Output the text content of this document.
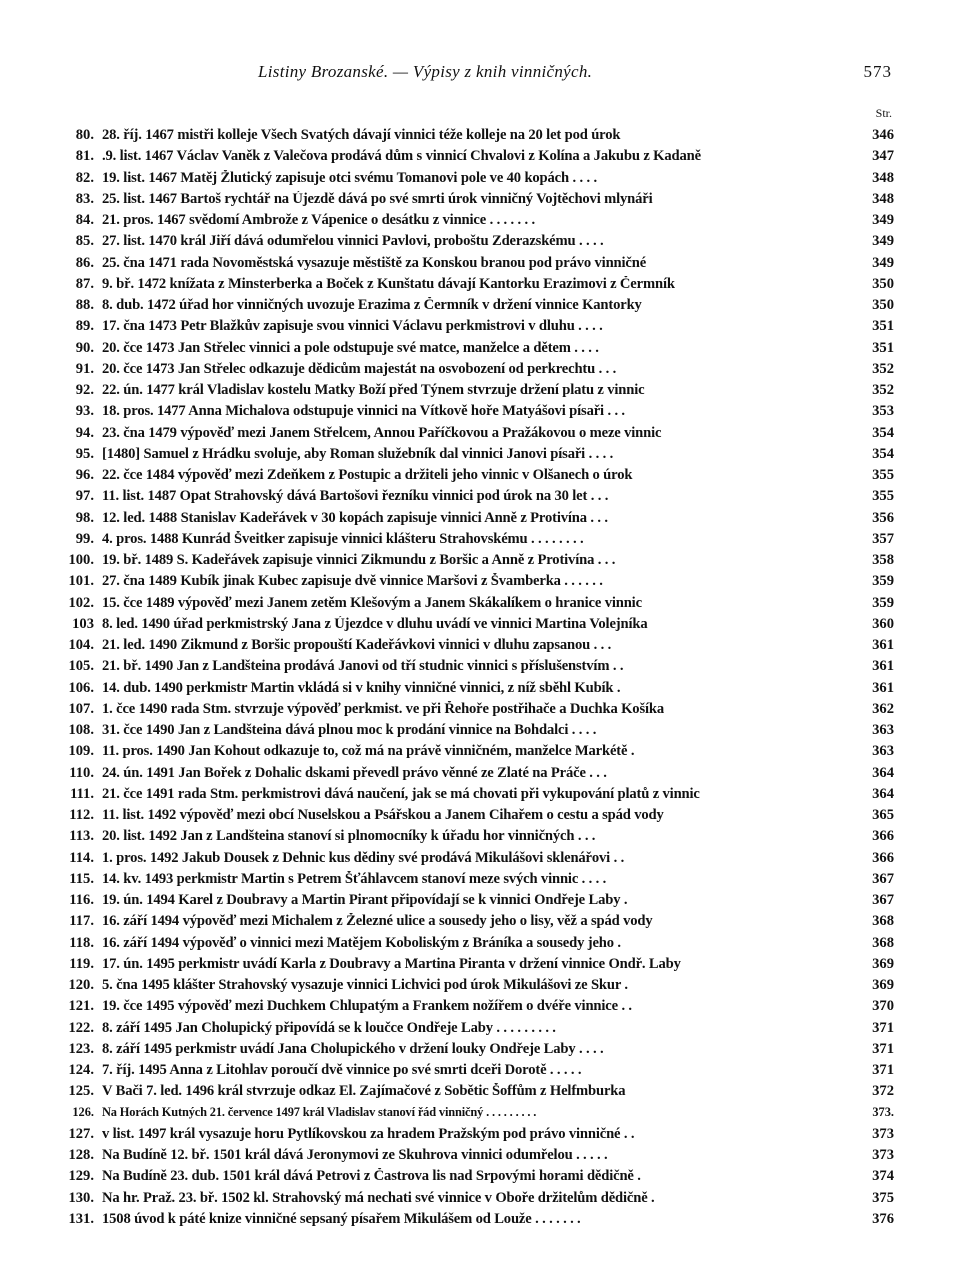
Listiny Brozanské. — Výpisy z knih vinničných.	573
Str.
80. 28. říj. 1467 mistři kolleje Všech Svatých dávají vinnici téže kolleje na 20 let pod úrok	346
81. .9. list. 1467 Václav Vaněk z Valečova prodává dům s vinnicí Chvalovi z Kolína a Jakubu z Kadaně	347
82. 19. list. 1467 Matěj Žlutický zapisuje otci svému Tomanovi pole ve 40 kopách . . . .	348
83. 25. list. 1467 Bartoš rychtář na Újezdě dává po své smrti úrok vinničný Vojtěchovi mlynáři	348
84. 21. pros. 1467 svědomí Ambrože z Vápenice o desátku z vinnice . . . . . . .	349
85. 27. list. 1470 král Jiří dává odumřelou vinnici Pavlovi, proboštu Zderazskému . . . .	349
86. 25. čna 1471 rada Novoměstská vysazuje městiště za Konskou branou pod právo vinničné	349
87. 9. bř. 1472 knížata z Minsterberka a Boček z Kunštatu dávají Kantorku Erazimovi z Čermník	350
88. 8. dub. 1472 úřad hor vinničných uvozuje Erazima z Čermník v držení vinnice Kantorky	350
89. 17. čna 1473 Petr Blažkův zapisuje svou vinnici Václavu perkmistrovi v dluhu . . . .	351
90. 20. čce 1473 Jan Střelec vinnici a pole odstupuje své matce, manželce a dětem . . . .	351
91. 20. čce 1473 Jan Střelec odkazuje dědicům majestát na osvobození od perkrechtu . . .	352
92. 22. ún. 1477 král Vladislav kostelu Matky Boží před Týnem stvrzuje držení platu z vinnic	352
93. 18. pros. 1477 Anna Michalova odstupuje vinnici na Vítkově hoře Matyášovi písaři . . .	353
94. 23. čna 1479 výpověď mezi Janem Střelcem, Annou Paříčkovou a Pražákovou o meze vinnic	354
95. [1480] Samuel z Hrádku svoluje, aby Roman služebník dal vinnici Janovi písaři . . . .	354
96. 22. čce 1484 výpověď mezi Zdeňkem z Postupic a držiteli jeho vinnic v Olšanech o úrok	355
97. 11. list. 1487 Opat Strahovský dává Bartošovi řezníku vinnici pod úrok na 30 let . . .	355
98. 12. led. 1488 Stanislav Kadeřávek v 30 kopách zapisuje vinnici Anně z Protivína . . .	356
99. 4. pros. 1488 Kunrád Šveitker zapisuje vinnici klášteru Strahovskému . . . . . . . .	357
100. 19. bř. 1489 S. Kadeřávek zapisuje vinnici Zikmundu z Boršic a Anně z Protivína . . .	358
101. 27. čna 1489 Kubík jinak Kubec zapisuje dvě vinnice Maršovi z Švamberka . . . . . .	359
102. 15. čce 1489 výpověď mezi Janem zetěm Klešovým a Janem Skákalíkem o hranice vinnic	359
103 8. led. 1490 úřad perkmistrský Jana z Újezdce v dluhu uvádí ve vinnici Martina Volejníka	360
104. 21. led. 1490 Zikmund z Boršic propouští Kadeřávkovi vinnici v dluhu zapsanou . . .	361
105. 21. bř. 1490 Jan z Landšteina prodává Janovi od tří studnic vinnici s příslušenstvím . .	361
106. 14. dub. 1490 perkmistr Martin vkládá si v knihy vinničné vinnici, z níž sběhl Kubík .	361
107. 1. čce 1490 rada Stm. stvrzuje výpověď perkmist. ve při Řehoře postřihače a Duchka Košíka	362
108. 31. čce 1490 Jan z Landšteina dává plnou moc k prodání vinnice na Bohdalci . . . .	363
109. 11. pros. 1490 Jan Kohout odkazuje to, což má na právě vinničném, manželce Markétě .	363
110. 24. ún. 1491 Jan Bořek z Dohalic dskami převedl právo věnné ze Zlaté na Práče . . .	364
111. 21. čce 1491 rada Stm. perkmistrovi dává naučení, jak se má chovati při vykupování platů z vinnic	364
112. 11. list. 1492 výpověď mezi obcí Nuselskou a Psářskou a Janem Cihařem o cestu a spád vody	365
113. 20. list. 1492 Jan z Landšteina stanoví si plnomocníky k úřadu hor vinničných . . .	366
114. 1. pros. 1492 Jakub Dousek z Dehnic kus dědiny své prodává Mikulášovi sklenářovi . .	366
115. 14. kv. 1493 perkmistr Martin s Petrem Šťáhlavcem stanoví meze svých vinnic . . . .	367
116. 19. ún. 1494 Karel z Doubravy a Martin Pirant připovídají se k vinnici Ondřeje Laby .	367
117. 16. září 1494 výpověď mezi Michalem z Železné ulice a sousedy jeho o lisy, věž a spád vody	368
118. 16. září 1494 výpověď o vinnici mezi Matějem Koboliským z Bráníka a sousedy jeho .	368
119. 17. ún. 1495 perkmistr uvádí Karla z Doubravy a Martina Piranta v držení vinnice Ondř. Laby	369
120. 5. čna 1495 klášter Strahovský vysazuje vinnici Lichvici pod úrok Mikulášovi ze Skur .	369
121. 19. čce 1495 výpověď mezi Duchkem Chlupatým a Frankem nožířem o dvéře vinnice . .	370
122. 8. září 1495 Jan Cholupický připovídá se k loučce Ondřeje Laby . . . . . . . . .	371
123. 8. září 1495 perkmistr uvádí Jana Cholupického v držení louky Ondřeje Laby . . . .	371
124. 7. říj. 1495 Anna z Litohlav poroučí dvě vinnice po své smrti dceři Dorotě . . . . .	371
125. V Bači 7. led. 1496 král stvrzuje odkaz El. Zajímačové z Sobětic Šoffům z Helfmburka	372
126. Na Horách Kutných 21. července 1497 král Vladislav stanoví řád vinničný . . . . . . . . .	373.
127. v list. 1497 král vysazuje horu Pytlíkovskou za hradem Pražským pod právo vinničné . .	373
128. Na Budíně 12. bř. 1501 král dává Jeronymovi ze Skuhrova vinnici odumřelou . . . . .	373
129. Na Budíně 23. dub. 1501 král dává Petrovi z Častrova lis nad Srpovými horami dědičně .	374
130. Na hr. Praž. 23. bř. 1502 kl. Strahovský má nechati své vinnice v Oboře držitelům dědičně .	375
131. 1508 úvod k páté knize vinničné sepsaný písařem Mikulášem od Louže . . . . . . .	376
